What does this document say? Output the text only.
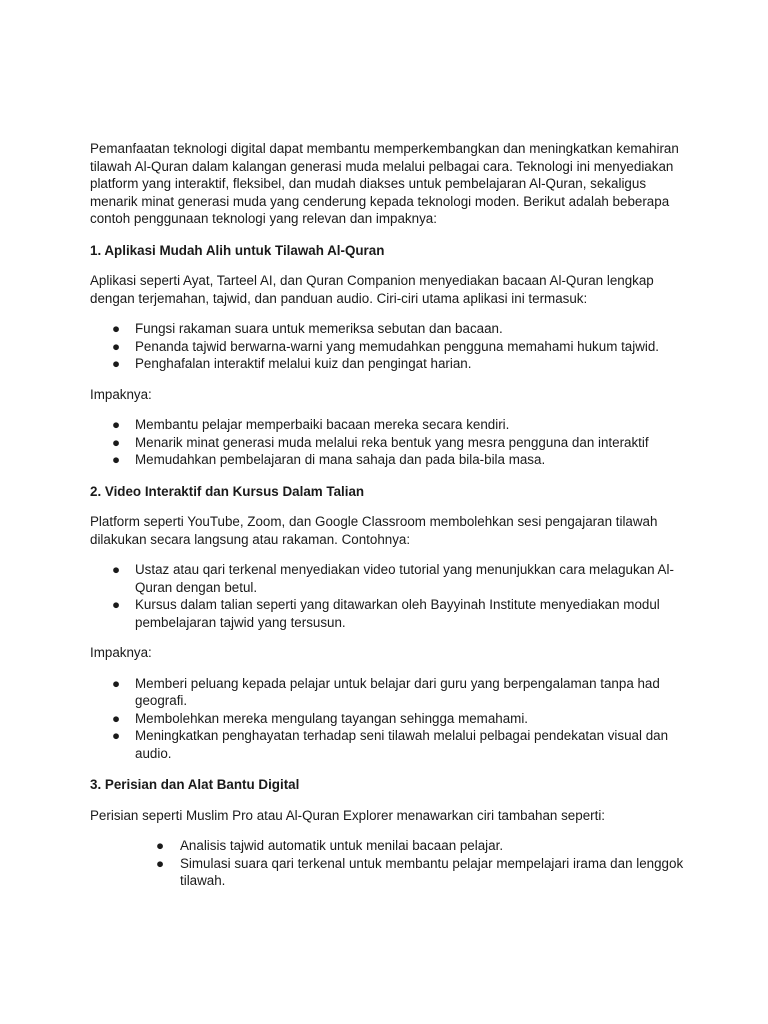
Pemanfaatan teknologi digital dapat membantu memperkembangkan dan meningkatkan kemahiran tilawah Al-Quran dalam kalangan generasi muda melalui pelbagai cara. Teknologi ini menyediakan platform yang interaktif, fleksibel, dan mudah diakses untuk pembelajaran Al-Quran, sekaligus menarik minat generasi muda yang cenderung kepada teknologi moden. Berikut adalah beberapa contoh penggunaan teknologi yang relevan dan impaknya:

1. Aplikasi Mudah Alih untuk Tilawah Al-Quran

Aplikasi seperti Ayat, Tarteel AI, dan Quran Companion menyediakan bacaan Al-Quran lengkap dengan terjemahan, tajwid, dan panduan audio. Ciri-ciri utama aplikasi ini termasuk:

● Fungsi rakaman suara untuk memeriksa sebutan dan bacaan.
● Penanda tajwid berwarna-warni yang memudahkan pengguna memahami hukum tajwid.
● Penghafalan interaktif melalui kuiz dan pengingat harian.

Impaknya:

● Membantu pelajar memperbaiki bacaan mereka secara kendiri.
● Menarik minat generasi muda melalui reka bentuk yang mesra pengguna dan interaktif
● Memudahkan pembelajaran di mana sahaja dan pada bila-bila masa.

2. Video Interaktif dan Kursus Dalam Talian

Platform seperti YouTube, Zoom, dan Google Classroom membolehkan sesi pengajaran tilawah dilakukan secara langsung atau rakaman. Contohnya:

● Ustaz atau qari terkenal menyediakan video tutorial yang menunjukkan cara melagukan Al-Quran dengan betul.
● Kursus dalam talian seperti yang ditawarkan oleh Bayyinah Institute menyediakan modul pembelajaran tajwid yang tersusun.

Impaknya:

● Memberi peluang kepada pelajar untuk belajar dari guru yang berpengalaman tanpa had geografi.
● Membolehkan mereka mengulang tayangan sehingga memahami.
● Meningkatkan penghayatan terhadap seni tilawah melalui pelbagai pendekatan visual dan audio.

3. Perisian dan Alat Bantu Digital

Perisian seperti Muslim Pro atau Al-Quran Explorer menawarkan ciri tambahan seperti:

● Analisis tajwid automatik untuk menilai bacaan pelajar.
● Simulasi suara qari terkenal untuk membantu pelajar mempelajari irama dan lenggok tilawah.
